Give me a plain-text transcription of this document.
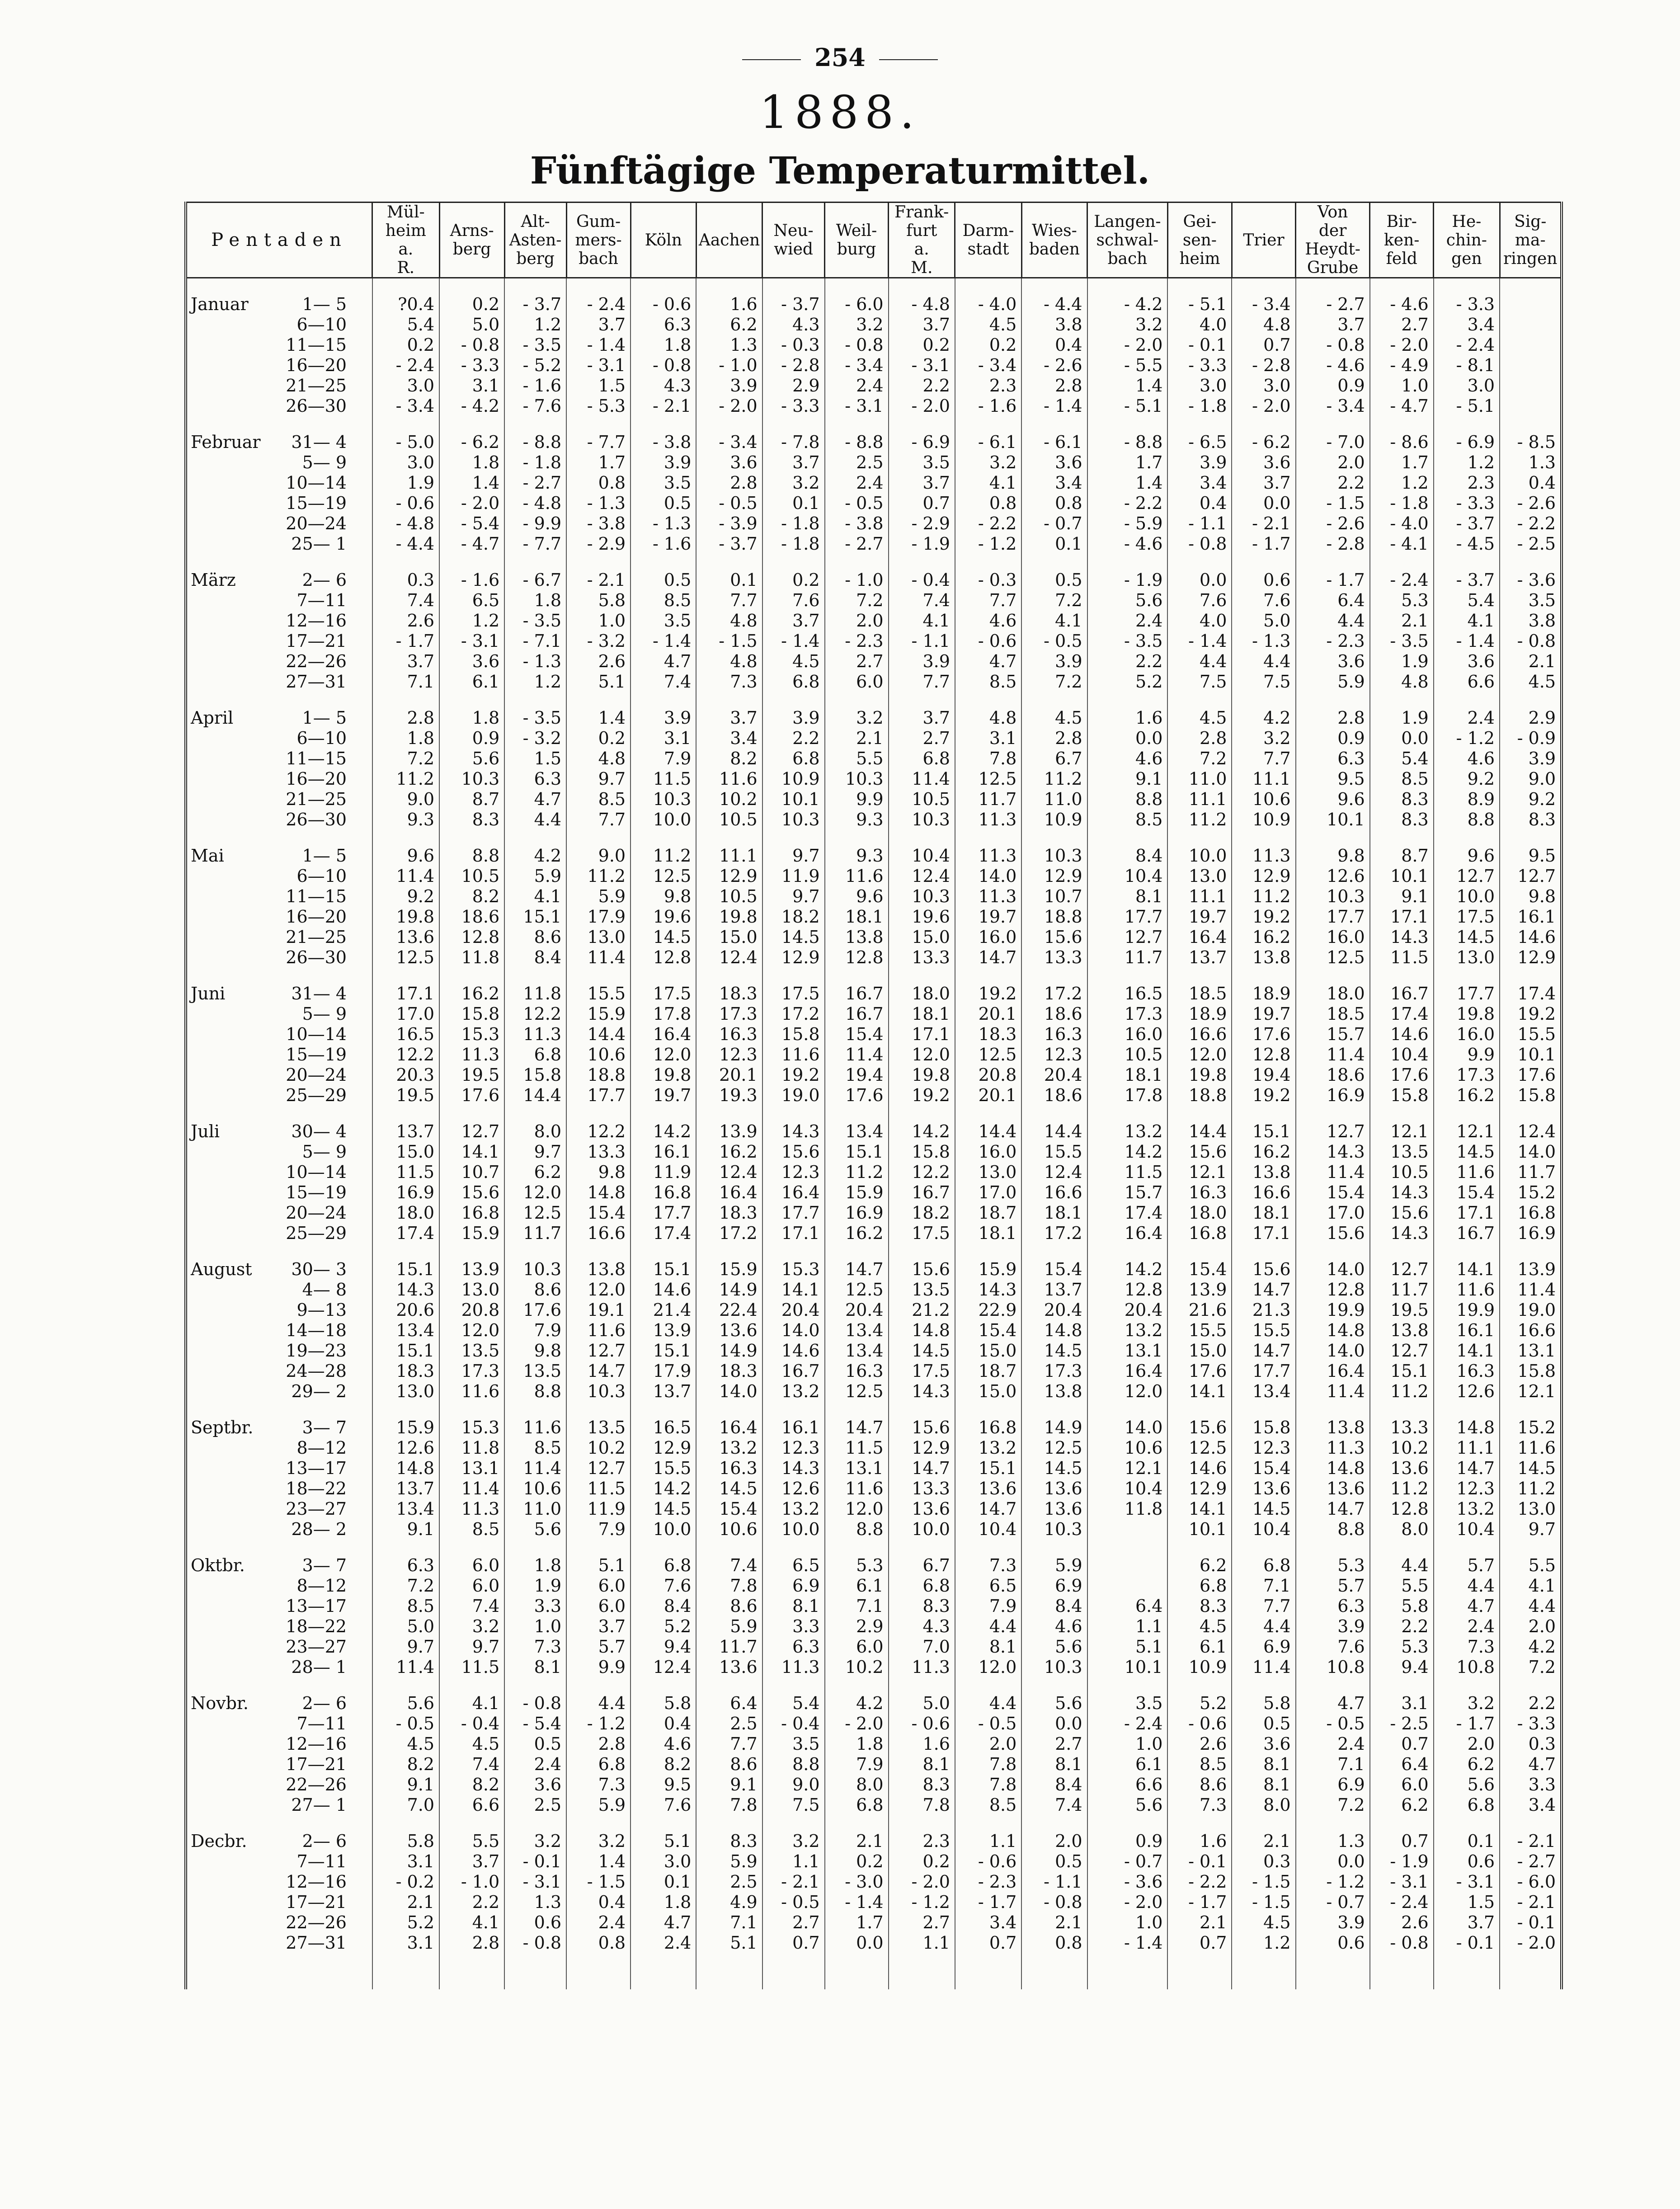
254
1888.
Fünftägige Temperaturmittel.
Pentaden	Mül-
heim
a.
R.	Arns-
berg	Alt-
Asten-
berg	Gum-
mers-
bach	Köln	Aachen	Neu-
wied	Weil-
burg	Frank-
furt
a.
M.	Darm-
stadt	Wies-
baden	Langen-
schwal-
bach	Gei-
sen-
heim	Trier	Von
der
Heydt-
Grube	Bir-
ken-
feld	He-
chin-
gen	Sig-
ma-
ringen
Januar 1— 5	?0.4	0.2	- 3.7	- 2.4	- 0.6	1.6	- 3.7	- 6.0	- 4.8	- 4.0	- 4.4	- 4.2	- 5.1	- 3.4	- 2.7	- 4.6	- 3.3	
6—10	5.4	5.0	1.2	3.7	6.3	6.2	4.3	3.2	3.7	4.5	3.8	3.2	4.0	4.8	3.7	2.7	3.4	
11—15	0.2	- 0.8	- 3.5	- 1.4	1.8	1.3	- 0.3	- 0.8	0.2	0.2	0.4	- 2.0	- 0.1	0.7	- 0.8	- 2.0	- 2.4	
16—20	- 2.4	- 3.3	- 5.2	- 3.1	- 0.8	- 1.0	- 2.8	- 3.4	- 3.1	- 3.4	- 2.6	- 5.5	- 3.3	- 2.8	- 4.6	- 4.9	- 8.1	
21—25	3.0	3.1	- 1.6	1.5	4.3	3.9	2.9	2.4	2.2	2.3	2.8	1.4	3.0	3.0	0.9	1.0	3.0	
26—30	- 3.4	- 4.2	- 7.6	- 5.3	- 2.1	- 2.0	- 3.3	- 3.1	- 2.0	- 1.6	- 1.4	- 5.1	- 1.8	- 2.0	- 3.4	- 4.7	- 5.1	

Februar 31— 4	- 5.0	- 6.2	- 8.8	- 7.7	- 3.8	- 3.4	- 7.8	- 8.8	- 6.9	- 6.1	- 6.1	- 8.8	- 6.5	- 6.2	- 7.0	- 8.6	- 6.9	- 8.5
5— 9	3.0	1.8	- 1.8	1.7	3.9	3.6	3.7	2.5	3.5	3.2	3.6	1.7	3.9	3.6	2.0	1.7	1.2	1.3
10—14	1.9	1.4	- 2.7	0.8	3.5	2.8	3.2	2.4	3.7	4.1	3.4	1.4	3.4	3.7	2.2	1.2	2.3	0.4
15—19	- 0.6	- 2.0	- 4.8	- 1.3	0.5	- 0.5	0.1	- 0.5	0.7	0.8	0.8	- 2.2	0.4	0.0	- 1.5	- 1.8	- 3.3	- 2.6
20—24	- 4.8	- 5.4	- 9.9	- 3.8	- 1.3	- 3.9	- 1.8	- 3.8	- 2.9	- 2.2	- 0.7	- 5.9	- 1.1	- 2.1	- 2.6	- 4.0	- 3.7	- 2.2
25— 1	- 4.4	- 4.7	- 7.7	- 2.9	- 1.6	- 3.7	- 1.8	- 2.7	- 1.9	- 1.2	0.1	- 4.6	- 0.8	- 1.7	- 2.8	- 4.1	- 4.5	- 2.5

März 2— 6	0.3	- 1.6	- 6.7	- 2.1	0.5	0.1	0.2	- 1.0	- 0.4	- 0.3	0.5	- 1.9	0.0	0.6	- 1.7	- 2.4	- 3.7	- 3.6
7—11	7.4	6.5	1.8	5.8	8.5	7.7	7.6	7.2	7.4	7.7	7.2	5.6	7.6	7.6	6.4	5.3	5.4	3.5
12—16	2.6	1.2	- 3.5	1.0	3.5	4.8	3.7	2.0	4.1	4.6	4.1	2.4	4.0	5.0	4.4	2.1	4.1	3.8
17—21	- 1.7	- 3.1	- 7.1	- 3.2	- 1.4	- 1.5	- 1.4	- 2.3	- 1.1	- 0.6	- 0.5	- 3.5	- 1.4	- 1.3	- 2.3	- 3.5	- 1.4	- 0.8
22—26	3.7	3.6	- 1.3	2.6	4.7	4.8	4.5	2.7	3.9	4.7	3.9	2.2	4.4	4.4	3.6	1.9	3.6	2.1
27—31	7.1	6.1	1.2	5.1	7.4	7.3	6.8	6.0	7.7	8.5	7.2	5.2	7.5	7.5	5.9	4.8	6.6	4.5

April 1— 5	2.8	1.8	- 3.5	1.4	3.9	3.7	3.9	3.2	3.7	4.8	4.5	1.6	4.5	4.2	2.8	1.9	2.4	2.9
6—10	1.8	0.9	- 3.2	0.2	3.1	3.4	2.2	2.1	2.7	3.1	2.8	0.0	2.8	3.2	0.9	0.0	- 1.2	- 0.9
11—15	7.2	5.6	1.5	4.8	7.9	8.2	6.8	5.5	6.8	7.8	6.7	4.6	7.2	7.7	6.3	5.4	4.6	3.9
16—20	11.2	10.3	6.3	9.7	11.5	11.6	10.9	10.3	11.4	12.5	11.2	9.1	11.0	11.1	9.5	8.5	9.2	9.0
21—25	9.0	8.7	4.7	8.5	10.3	10.2	10.1	9.9	10.5	11.7	11.0	8.8	11.1	10.6	9.6	8.3	8.9	9.2
26—30	9.3	8.3	4.4	7.7	10.0	10.5	10.3	9.3	10.3	11.3	10.9	8.5	11.2	10.9	10.1	8.3	8.8	8.3

Mai 1— 5	9.6	8.8	4.2	9.0	11.2	11.1	9.7	9.3	10.4	11.3	10.3	8.4	10.0	11.3	9.8	8.7	9.6	9.5
6—10	11.4	10.5	5.9	11.2	12.5	12.9	11.9	11.6	12.4	14.0	12.9	10.4	13.0	12.9	12.6	10.1	12.7	12.7
11—15	9.2	8.2	4.1	5.9	9.8	10.5	9.7	9.6	10.3	11.3	10.7	8.1	11.1	11.2	10.3	9.1	10.0	9.8
16—20	19.8	18.6	15.1	17.9	19.6	19.8	18.2	18.1	19.6	19.7	18.8	17.7	19.7	19.2	17.7	17.1	17.5	16.1
21—25	13.6	12.8	8.6	13.0	14.5	15.0	14.5	13.8	15.0	16.0	15.6	12.7	16.4	16.2	16.0	14.3	14.5	14.6
26—30	12.5	11.8	8.4	11.4	12.8	12.4	12.9	12.8	13.3	14.7	13.3	11.7	13.7	13.8	12.5	11.5	13.0	12.9

Juni 31— 4	17.1	16.2	11.8	15.5	17.5	18.3	17.5	16.7	18.0	19.2	17.2	16.5	18.5	18.9	18.0	16.7	17.7	17.4
5— 9	17.0	15.8	12.2	15.9	17.8	17.3	17.2	16.7	18.1	20.1	18.6	17.3	18.9	19.7	18.5	17.4	19.8	19.2
10—14	16.5	15.3	11.3	14.4	16.4	16.3	15.8	15.4	17.1	18.3	16.3	16.0	16.6	17.6	15.7	14.6	16.0	15.5
15—19	12.2	11.3	6.8	10.6	12.0	12.3	11.6	11.4	12.0	12.5	12.3	10.5	12.0	12.8	11.4	10.4	9.9	10.1
20—24	20.3	19.5	15.8	18.8	19.8	20.1	19.2	19.4	19.8	20.8	20.4	18.1	19.8	19.4	18.6	17.6	17.3	17.6
25—29	19.5	17.6	14.4	17.7	19.7	19.3	19.0	17.6	19.2	20.1	18.6	17.8	18.8	19.2	16.9	15.8	16.2	15.8

Juli 30— 4	13.7	12.7	8.0	12.2	14.2	13.9	14.3	13.4	14.2	14.4	14.4	13.2	14.4	15.1	12.7	12.1	12.1	12.4
5— 9	15.0	14.1	9.7	13.3	16.1	16.2	15.6	15.1	15.8	16.0	15.5	14.2	15.6	16.2	14.3	13.5	14.5	14.0
10—14	11.5	10.7	6.2	9.8	11.9	12.4	12.3	11.2	12.2	13.0	12.4	11.5	12.1	13.8	11.4	10.5	11.6	11.7
15—19	16.9	15.6	12.0	14.8	16.8	16.4	16.4	15.9	16.7	17.0	16.6	15.7	16.3	16.6	15.4	14.3	15.4	15.2
20—24	18.0	16.8	12.5	15.4	17.7	18.3	17.7	16.9	18.2	18.7	18.1	17.4	18.0	18.1	17.0	15.6	17.1	16.8
25—29	17.4	15.9	11.7	16.6	17.4	17.2	17.1	16.2	17.5	18.1	17.2	16.4	16.8	17.1	15.6	14.3	16.7	16.9

August 30— 3	15.1	13.9	10.3	13.8	15.1	15.9	15.3	14.7	15.6	15.9	15.4	14.2	15.4	15.6	14.0	12.7	14.1	13.9
4— 8	14.3	13.0	8.6	12.0	14.6	14.9	14.1	12.5	13.5	14.3	13.7	12.8	13.9	14.7	12.8	11.7	11.6	11.4
9—13	20.6	20.8	17.6	19.1	21.4	22.4	20.4	20.4	21.2	22.9	20.4	20.4	21.6	21.3	19.9	19.5	19.9	19.0
14—18	13.4	12.0	7.9	11.6	13.9	13.6	14.0	13.4	14.8	15.4	14.8	13.2	15.5	15.5	14.8	13.8	16.1	16.6
19—23	15.1	13.5	9.8	12.7	15.1	14.9	14.6	13.4	14.5	15.0	14.5	13.1	15.0	14.7	14.0	12.7	14.1	13.1
24—28	18.3	17.3	13.5	14.7	17.9	18.3	16.7	16.3	17.5	18.7	17.3	16.4	17.6	17.7	16.4	15.1	16.3	15.8
29— 2	13.0	11.6	8.8	10.3	13.7	14.0	13.2	12.5	14.3	15.0	13.8	12.0	14.1	13.4	11.4	11.2	12.6	12.1

Septbr. 3— 7	15.9	15.3	11.6	13.5	16.5	16.4	16.1	14.7	15.6	16.8	14.9	14.0	15.6	15.8	13.8	13.3	14.8	15.2
8—12	12.6	11.8	8.5	10.2	12.9	13.2	12.3	11.5	12.9	13.2	12.5	10.6	12.5	12.3	11.3	10.2	11.1	11.6
13—17	14.8	13.1	11.4	12.7	15.5	16.3	14.3	13.1	14.7	15.1	14.5	12.1	14.6	15.4	14.8	13.6	14.7	14.5
18—22	13.7	11.4	10.6	11.5	14.2	14.5	12.6	11.6	13.3	13.6	13.6	10.4	12.9	13.6	13.6	11.2	12.3	11.2
23—27	13.4	11.3	11.0	11.9	14.5	15.4	13.2	12.0	13.6	14.7	13.6	11.8	14.1	14.5	14.7	12.8	13.2	13.0
28— 2	9.1	8.5	5.6	7.9	10.0	10.6	10.0	8.8	10.0	10.4	10.3		10.1	10.4	8.8	8.0	10.4	9.7

Oktbr. 3— 7	6.3	6.0	1.8	5.1	6.8	7.4	6.5	5.3	6.7	7.3	5.9		6.2	6.8	5.3	4.4	5.7	5.5
8—12	7.2	6.0	1.9	6.0	7.6	7.8	6.9	6.1	6.8	6.5	6.9		6.8	7.1	5.7	5.5	4.4	4.1
13—17	8.5	7.4	3.3	6.0	8.4	8.6	8.1	7.1	8.3	7.9	8.4	6.4	8.3	7.7	6.3	5.8	4.7	4.4
18—22	5.0	3.2	1.0	3.7	5.2	5.9	3.3	2.9	4.3	4.4	4.6	1.1	4.5	4.4	3.9	2.2	2.4	2.0
23—27	9.7	9.7	7.3	5.7	9.4	11.7	6.3	6.0	7.0	8.1	5.6	5.1	6.1	6.9	7.6	5.3	7.3	4.2
28— 1	11.4	11.5	8.1	9.9	12.4	13.6	11.3	10.2	11.3	12.0	10.3	10.1	10.9	11.4	10.8	9.4	10.8	7.2

Novbr. 2— 6	5.6	4.1	- 0.8	4.4	5.8	6.4	5.4	4.2	5.0	4.4	5.6	3.5	5.2	5.8	4.7	3.1	3.2	2.2
7—11	- 0.5	- 0.4	- 5.4	- 1.2	0.4	2.5	- 0.4	- 2.0	- 0.6	- 0.5	0.0	- 2.4	- 0.6	0.5	- 0.5	- 2.5	- 1.7	- 3.3
12—16	4.5	4.5	0.5	2.8	4.6	7.7	3.5	1.8	1.6	2.0	2.7	1.0	2.6	3.6	2.4	0.7	2.0	0.3
17—21	8.2	7.4	2.4	6.8	8.2	8.6	8.8	7.9	8.1	7.8	8.1	6.1	8.5	8.1	7.1	6.4	6.2	4.7
22—26	9.1	8.2	3.6	7.3	9.5	9.1	9.0	8.0	8.3	7.8	8.4	6.6	8.6	8.1	6.9	6.0	5.6	3.3
27— 1	7.0	6.6	2.5	5.9	7.6	7.8	7.5	6.8	7.8	8.5	7.4	5.6	7.3	8.0	7.2	6.2	6.8	3.4

Decbr. 2— 6	5.8	5.5	3.2	3.2	5.1	8.3	3.2	2.1	2.3	1.1	2.0	0.9	1.6	2.1	1.3	0.7	0.1	- 2.1
7—11	3.1	3.7	- 0.1	1.4	3.0	5.9	1.1	0.2	0.2	- 0.6	0.5	- 0.7	- 0.1	0.3	0.0	- 1.9	0.6	- 2.7
12—16	- 0.2	- 1.0	- 3.1	- 1.5	0.1	2.5	- 2.1	- 3.0	- 2.0	- 2.3	- 1.1	- 3.6	- 2.2	- 1.5	- 1.2	- 3.1	- 3.1	- 6.0
17—21	2.1	2.2	1.3	0.4	1.8	4.9	- 0.5	- 1.4	- 1.2	- 1.7	- 0.8	- 2.0	- 1.7	- 1.5	- 0.7	- 2.4	1.5	- 2.1
22—26	5.2	4.1	0.6	2.4	4.7	7.1	2.7	1.7	2.7	3.4	2.1	1.0	2.1	4.5	3.9	2.6	3.7	- 0.1
27—31	3.1	2.8	- 0.8	0.8	2.4	5.1	0.7	0.0	1.1	0.7	0.8	- 1.4	0.7	1.2	0.6	- 0.8	- 0.1	- 2.0
